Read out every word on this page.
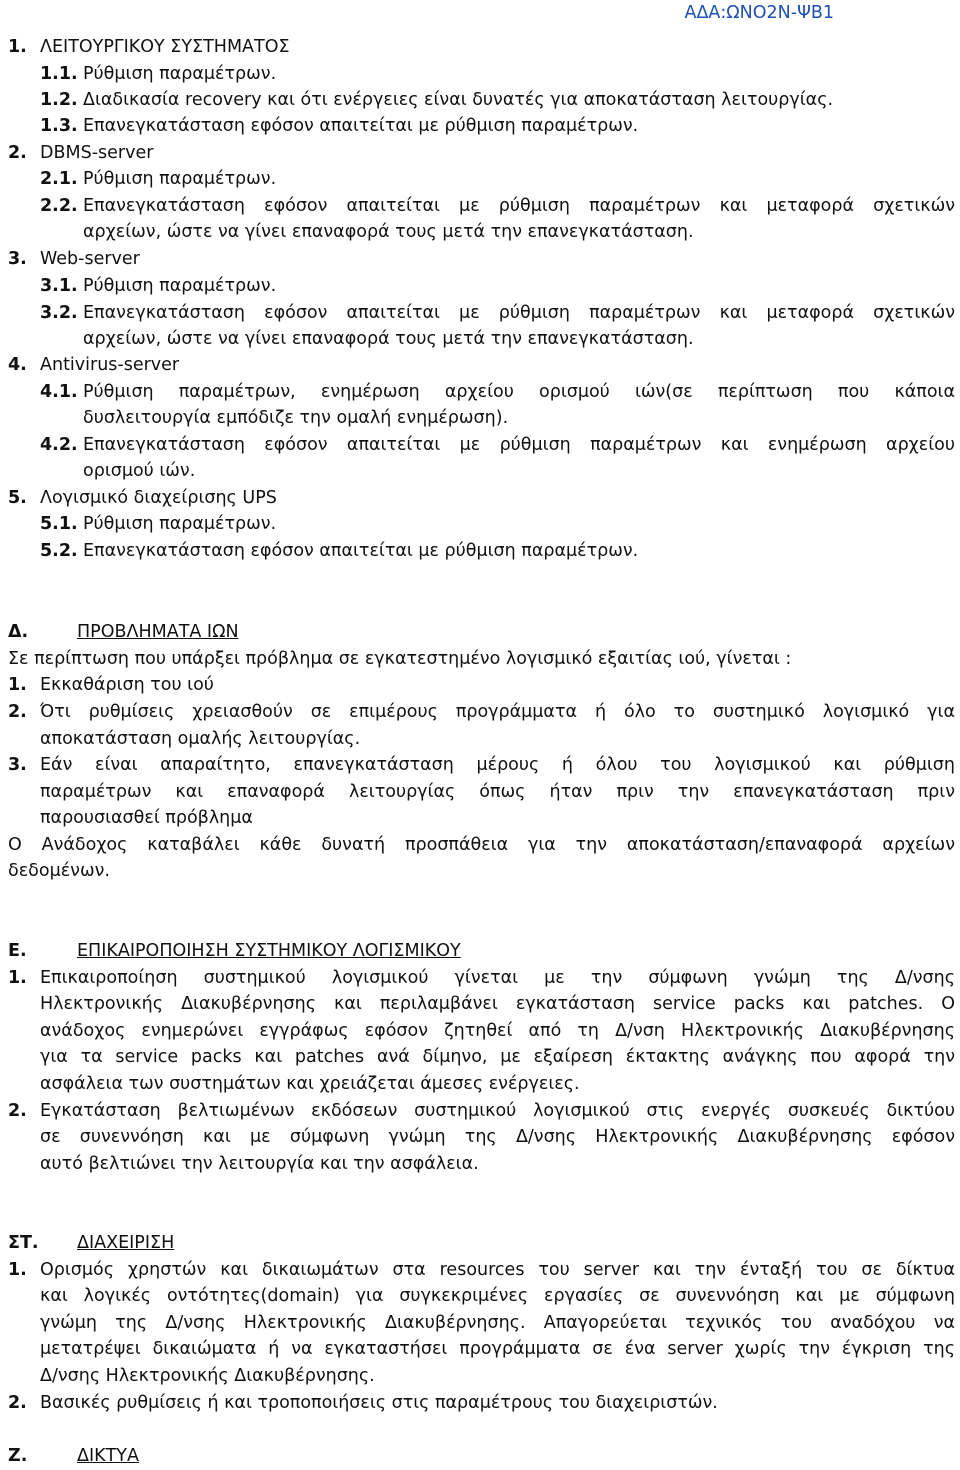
ΑΔΑ:ΩΝΟ2Ν-ΨΒ1
1. ΛΕΙΤΟΥΡΓΙΚΟΥ ΣΥΣΤΗΜΑΤΟΣ
1.1. Ρύθμιση παραμέτρων.
1.2. Διαδικασία recovery και ότι ενέργειες είναι δυνατές για αποκατάσταση λειτουργίας.
1.3. Επανεγκατάσταση εφόσον απαιτείται με ρύθμιση παραμέτρων.
2. DBMS-server
2.1. Ρύθμιση παραμέτρων.
2.2. Επανεγκατάσταση εφόσον απαιτείται με ρύθμιση παραμέτρων και μεταφορά σχετικών
αρχείων, ώστε να γίνει επαναφορά τους μετά την επανεγκατάσταση.
3. Web-server
3.1. Ρύθμιση παραμέτρων.
3.2. Επανεγκατάσταση εφόσον απαιτείται με ρύθμιση παραμέτρων και μεταφορά σχετικών
αρχείων, ώστε να γίνει επαναφορά τους μετά την επανεγκατάσταση.
4. Antivirus-server
4.1. Ρύθμιση παραμέτρων, ενημέρωση αρχείου ορισμού ιών(σε περίπτωση που κάποια
δυσλειτουργία εμπόδιζε την ομαλή ενημέρωση).
4.2. Επανεγκατάσταση εφόσον απαιτείται με ρύθμιση παραμέτρων και ενημέρωση αρχείου
ορισμού ιών.
5. Λογισμικό διαχείρισης UPS
5.1. Ρύθμιση παραμέτρων.
5.2. Επανεγκατάσταση εφόσον απαιτείται με ρύθμιση παραμέτρων.
Δ.	ΠΡΟΒΛΗΜΑΤΑ ΙΩΝ
Σε περίπτωση που υπάρξει πρόβλημα σε εγκατεστημένο λογισμικό εξαιτίας ιού, γίνεται :
1. Εκκαθάριση του ιού
2. Ότι ρυθμίσεις χρειασθούν σε επιμέρους προγράμματα ή όλο το συστημικό λογισμικό για
αποκατάσταση ομαλής λειτουργίας.
3. Εάν είναι απαραίτητο, επανεγκατάσταση μέρους ή όλου του λογισμικού και ρύθμιση
παραμέτρων και επαναφορά λειτουργίας όπως ήταν πριν την επανεγκατάσταση πριν
παρουσιασθεί πρόβλημα
Ο Ανάδοχος καταβάλει κάθε δυνατή προσπάθεια για την αποκατάσταση/επαναφορά αρχείων
δεδομένων.
Ε.	ΕΠΙΚΑΙΡΟΠΟΙΗΣΗ ΣΥΣΤΗΜΙΚΟΥ ΛΟΓΙΣΜΙΚΟΥ
1. Επικαιροποίηση συστημικού λογισμικού γίνεται με την σύμφωνη γνώμη της Δ/νσης
Ηλεκτρονικής Διακυβέρνησης και περιλαμβάνει εγκατάσταση service packs και patches. Ο
ανάδοχος ενημερώνει εγγράφως εφόσον ζητηθεί από τη Δ/νση Ηλεκτρονικής Διακυβέρνησης
για τα service packs και patches ανά δίμηνο, με εξαίρεση έκτακτης ανάγκης που αφορά την
ασφάλεια των συστημάτων και χρειάζεται άμεσες ενέργειες.
2. Εγκατάσταση βελτιωμένων εκδόσεων συστημικού λογισμικού στις ενεργές συσκευές δικτύου
σε συνεννόηση και με σύμφωνη γνώμη της Δ/νσης Ηλεκτρονικής Διακυβέρνησης εφόσον
αυτό βελτιώνει την λειτουργία και την ασφάλεια.
ΣΤ. ΔΙΑΧΕΙΡΙΣΗ
1. Ορισμός χρηστών και δικαιωμάτων στα resources του server και την ένταξή του σε δίκτυα
και λογικές οντότητες(domain) για συγκεκριμένες εργασίες σε συνεννόηση και με σύμφωνη
γνώμη της Δ/νσης Ηλεκτρονικής Διακυβέρνησης. Απαγορεύεται τεχνικός του αναδόχου να
μετατρέψει δικαιώματα ή να εγκαταστήσει προγράμματα σε ένα server χωρίς την έγκριση της
Δ/νσης Ηλεκτρονικής Διακυβέρνησης.
2. Βασικές ρυθμίσεις ή και τροποποιήσεις στις παραμέτρους του διαχειριστών.
Ζ.	ΔΙΚΤΥΑ
